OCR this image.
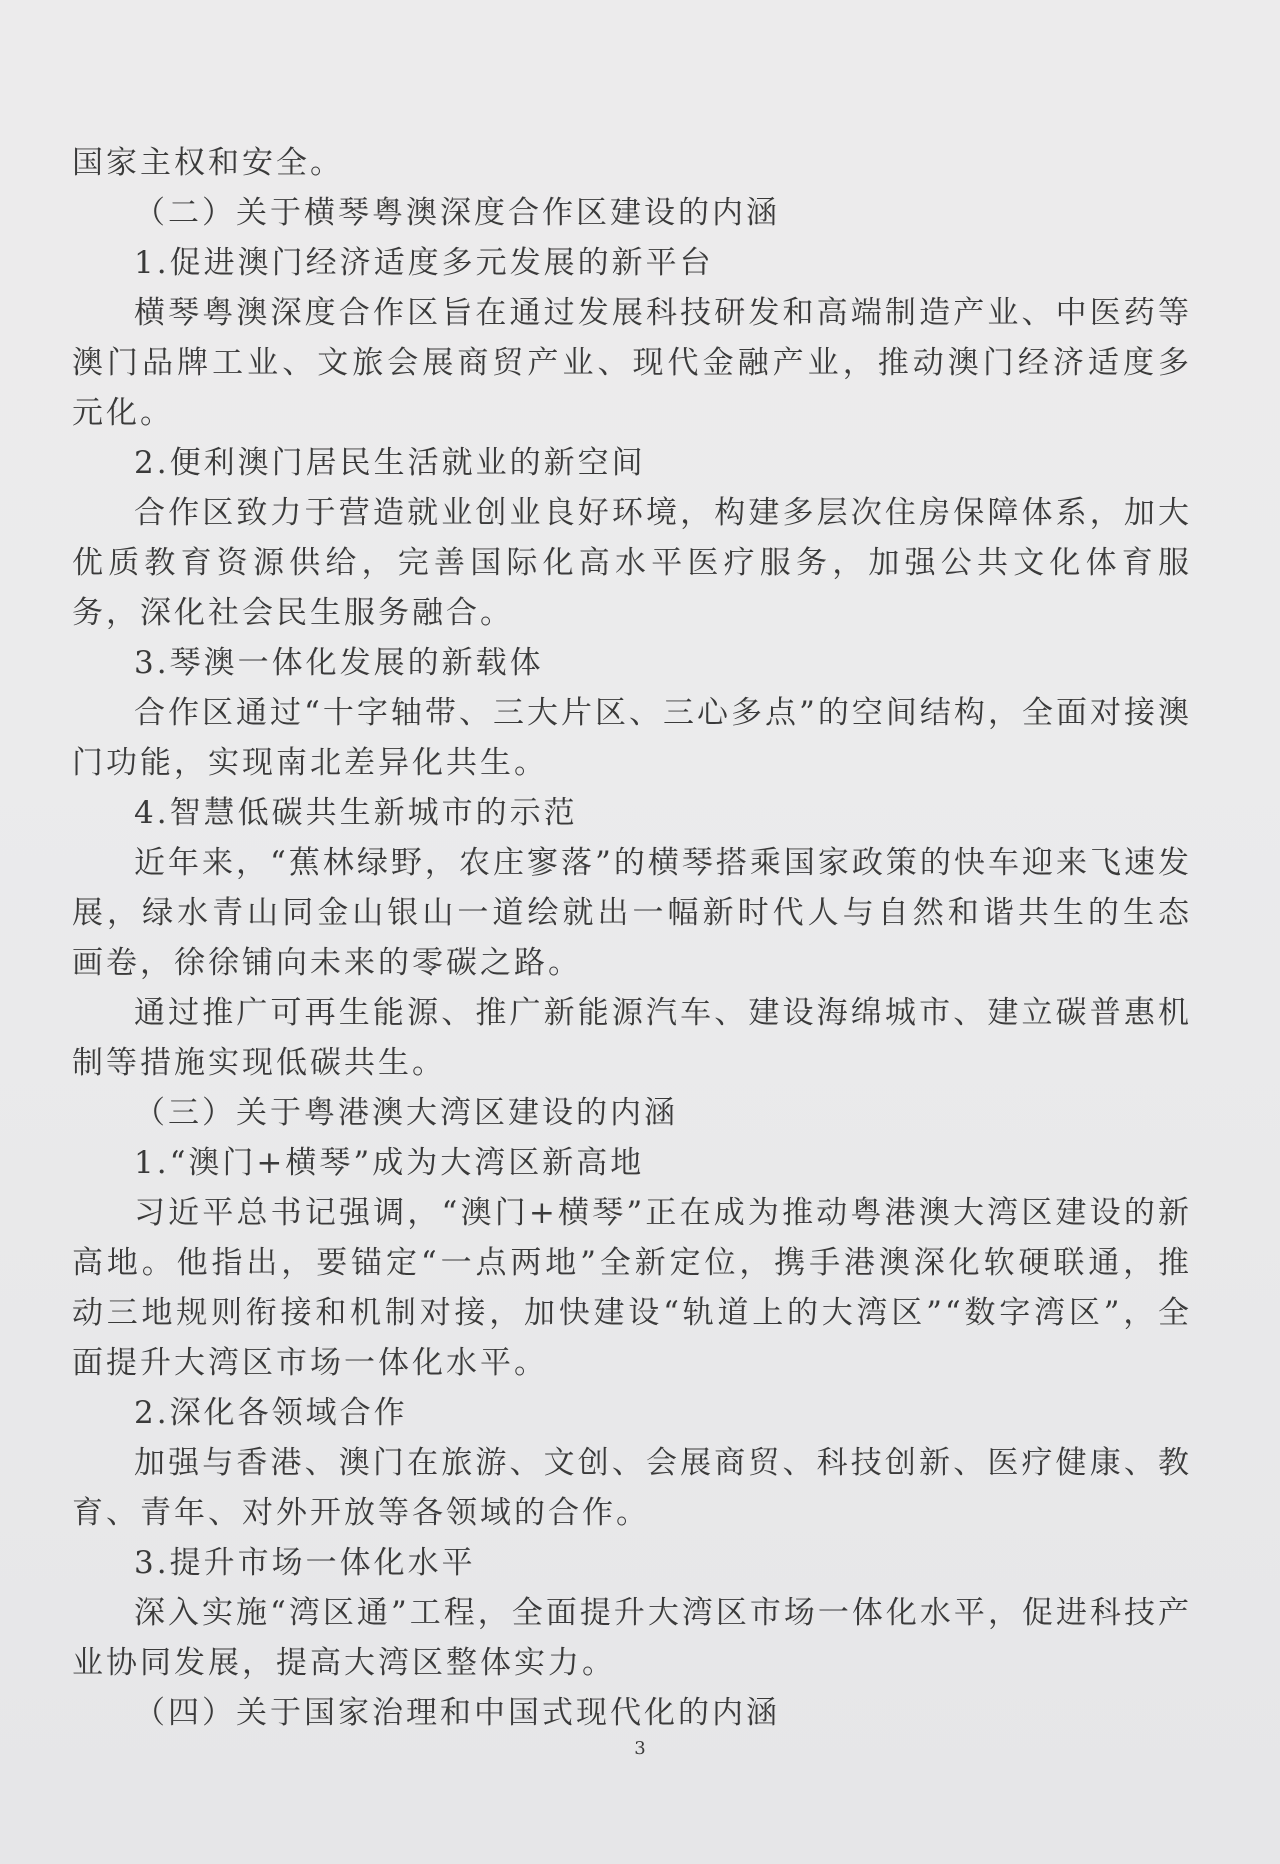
国家主权和安全。

（二）关于横琴粤澳深度合作区建设的内涵

1.促进澳门经济适度多元发展的新平台

横琴粤澳深度合作区旨在通过发展科技研发和高端制造产业、中医药等澳门品牌工业、文旅会展商贸产业、现代金融产业，推动澳门经济适度多元化。

2.便利澳门居民生活就业的新空间

合作区致力于营造就业创业良好环境，构建多层次住房保障体系，加大优质教育资源供给，完善国际化高水平医疗服务，加强公共文化体育服务，深化社会民生服务融合。

3.琴澳一体化发展的新载体

合作区通过“十字轴带、三大片区、三心多点”的空间结构，全面对接澳门功能，实现南北差异化共生。

4.智慧低碳共生新城市的示范

近年来，“蕉林绿野，农庄寥落”的横琴搭乘国家政策的快车迎来飞速发展，绿水青山同金山银山一道绘就出一幅新时代人与自然和谐共生的生态画卷，徐徐铺向未来的零碳之路。

通过推广可再生能源、推广新能源汽车、建设海绵城市、建立碳普惠机制等措施实现低碳共生。

（三）关于粤港澳大湾区建设的内涵

1.“澳门+横琴”成为大湾区新高地

习近平总书记强调，“澳门+横琴”正在成为推动粤港澳大湾区建设的新高地。他指出，要锚定“一点两地”全新定位，携手港澳深化软硬联通，推动三地规则衔接和机制对接，加快建设“轨道上的大湾区”“数字湾区”，全面提升大湾区市场一体化水平。

2.深化各领域合作

加强与香港、澳门在旅游、文创、会展商贸、科技创新、医疗健康、教育、青年、对外开放等各领域的合作。

3.提升市场一体化水平

深入实施“湾区通”工程，全面提升大湾区市场一体化水平，促进科技产业协同发展，提高大湾区整体实力。

（四）关于国家治理和中国式现代化的内涵

3
